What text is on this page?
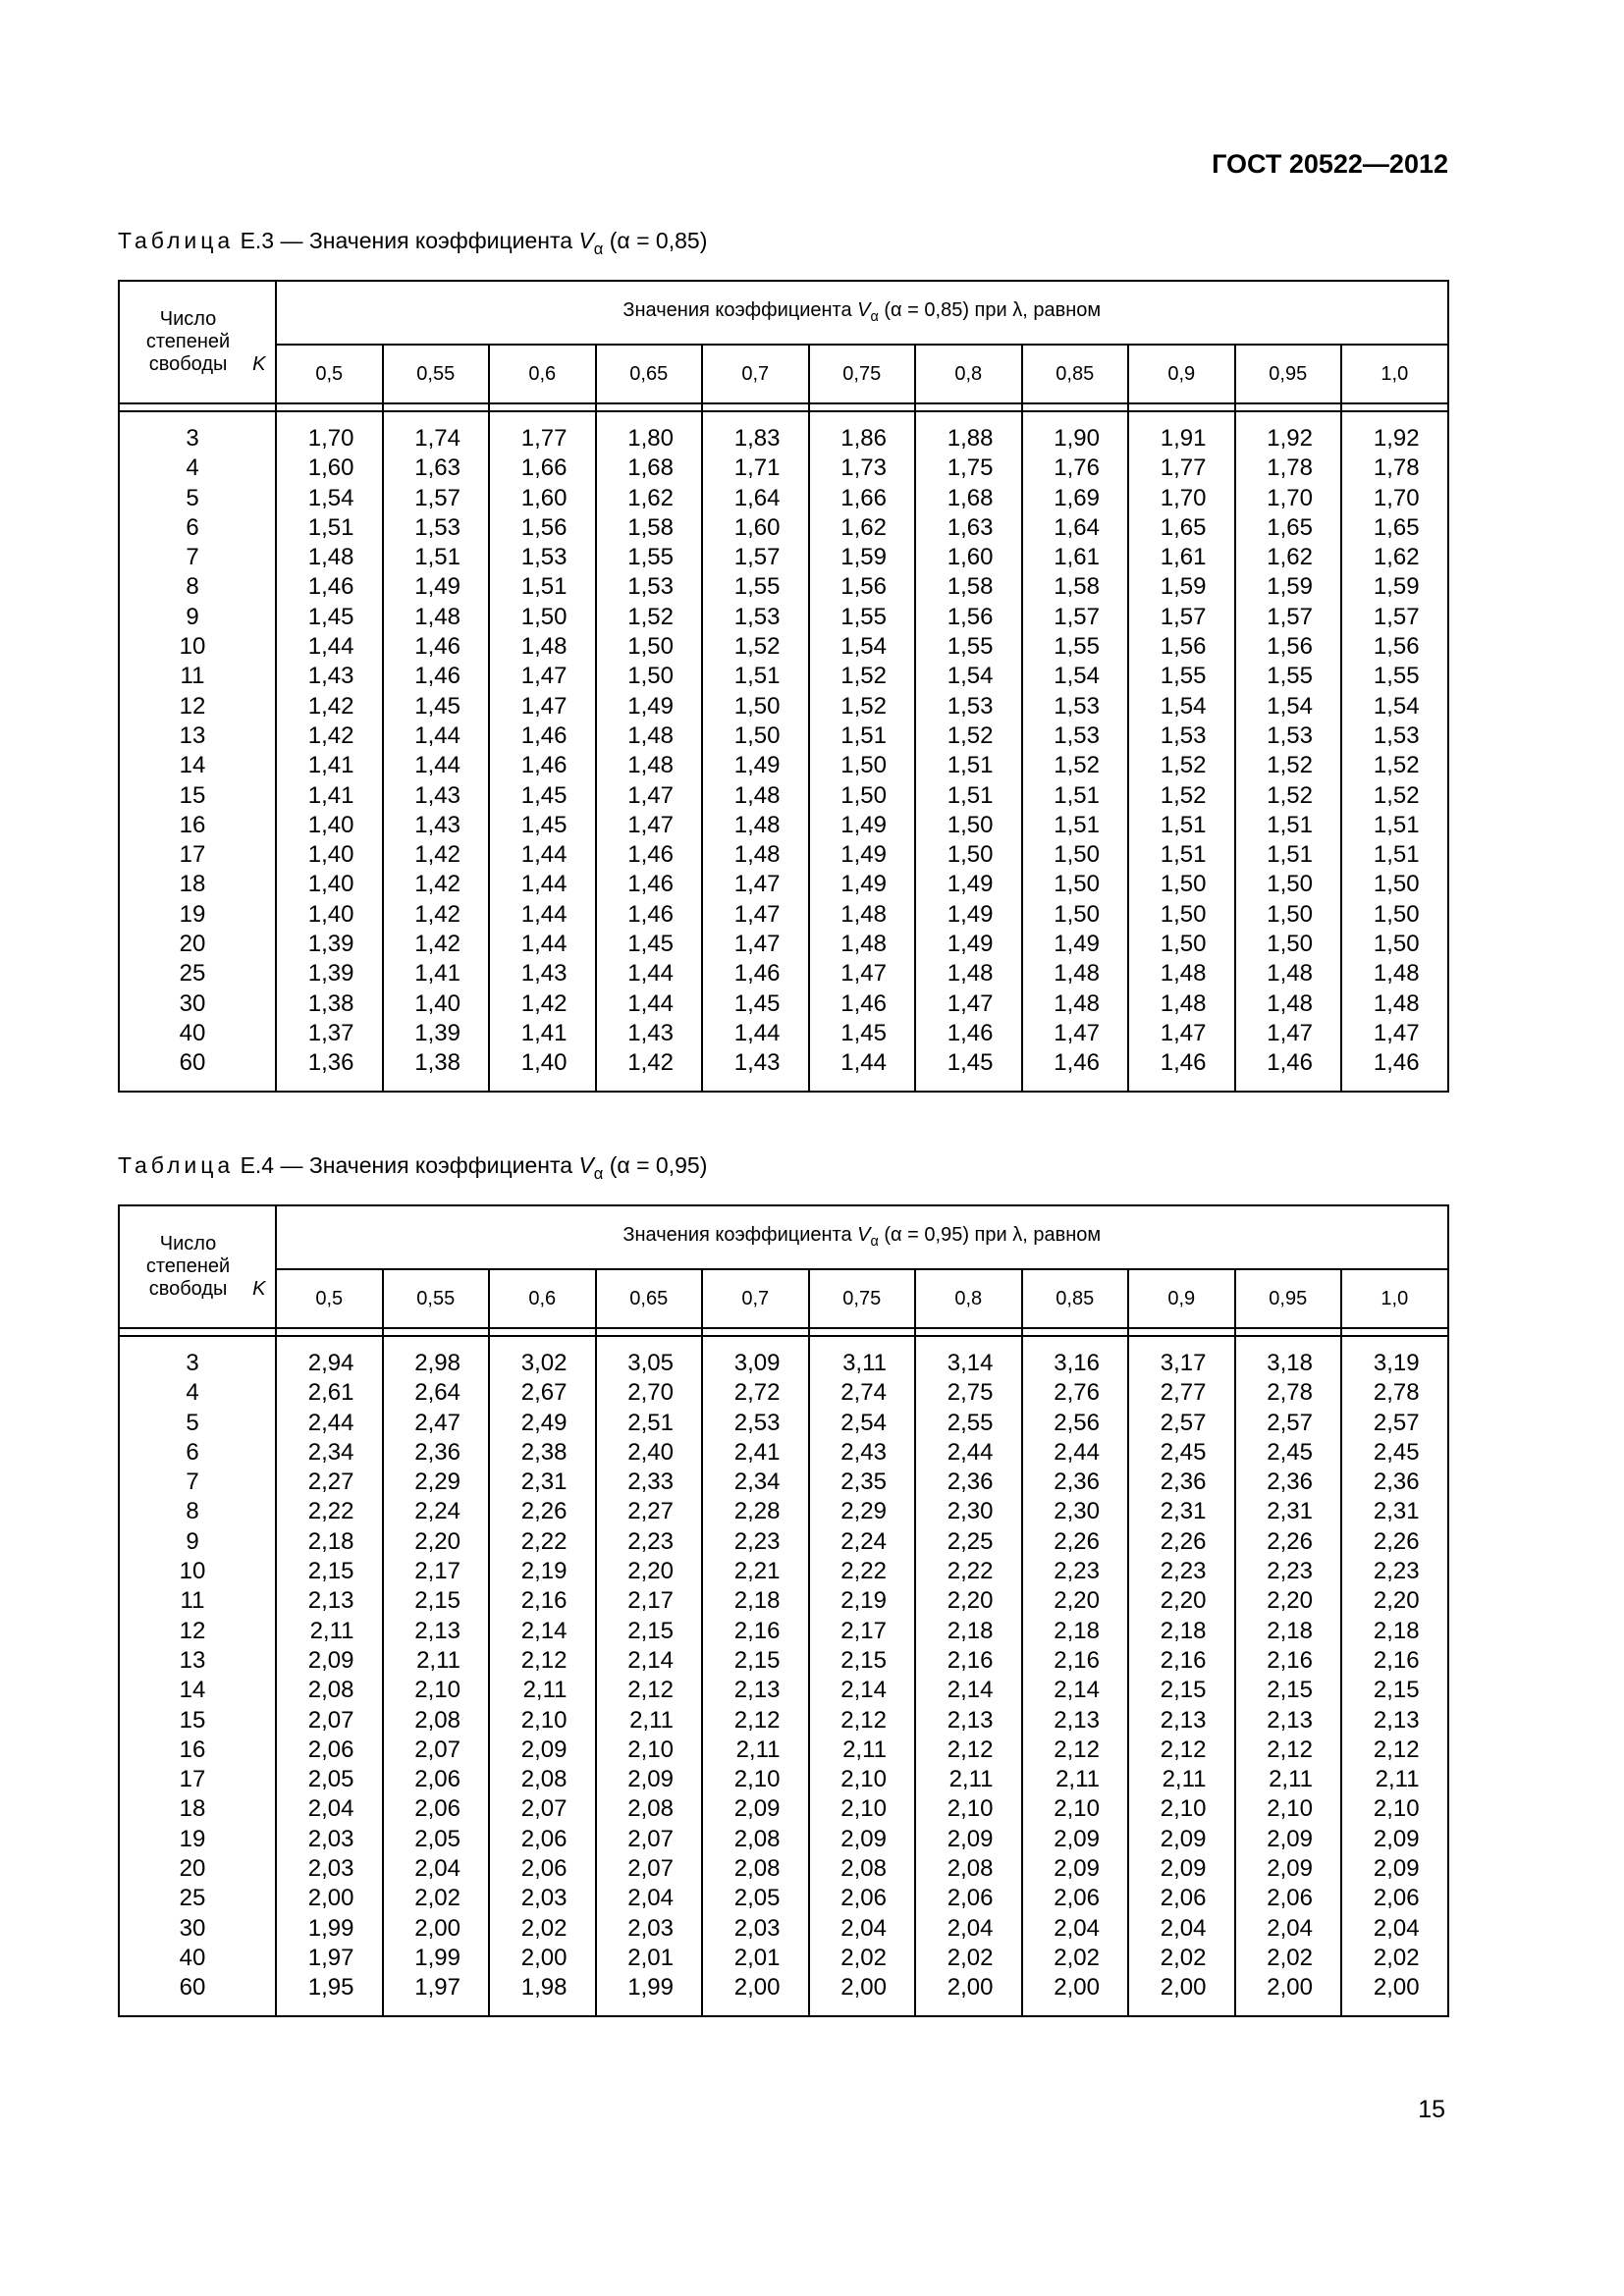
ГОСТ 20522—2012
Таблица Е.3 — Значения коэффициента $V_\alpha$ (α = 0,85)
Число степеней свободы K	Значения коэффициента $V_\alpha$ (α = 0,85) при λ, равном										
	0,5	0,55	0,6	0,65	0,7	0,75	0,8	0,85	0,9	0,95	1,0

3	1,70	1,74	1,77	1,80	1,83	1,86	1,88	1,90	1,91	1,92	1,92
4	1,60	1,63	1,66	1,68	1,71	1,73	1,75	1,76	1,77	1,78	1,78
5	1,54	1,57	1,60	1,62	1,64	1,66	1,68	1,69	1,70	1,70	1,70
6	1,51	1,53	1,56	1,58	1,60	1,62	1,63	1,64	1,65	1,65	1,65
7	1,48	1,51	1,53	1,55	1,57	1,59	1,60	1,61	1,61	1,62	1,62
8	1,46	1,49	1,51	1,53	1,55	1,56	1,58	1,58	1,59	1,59	1,59
9	1,45	1,48	1,50	1,52	1,53	1,55	1,56	1,57	1,57	1,57	1,57
10	1,44	1,46	1,48	1,50	1,52	1,54	1,55	1,55	1,56	1,56	1,56
11	1,43	1,46	1,47	1,50	1,51	1,52	1,54	1,54	1,55	1,55	1,55
12	1,42	1,45	1,47	1,49	1,50	1,52	1,53	1,53	1,54	1,54	1,54
13	1,42	1,44	1,46	1,48	1,50	1,51	1,52	1,53	1,53	1,53	1,53
14	1,41	1,44	1,46	1,48	1,49	1,50	1,51	1,52	1,52	1,52	1,52
15	1,41	1,43	1,45	1,47	1,48	1,50	1,51	1,51	1,52	1,52	1,52
16	1,40	1,43	1,45	1,47	1,48	1,49	1,50	1,51	1,51	1,51	1,51
17	1,40	1,42	1,44	1,46	1,48	1,49	1,50	1,50	1,51	1,51	1,51
18	1,40	1,42	1,44	1,46	1,47	1,49	1,49	1,50	1,50	1,50	1,50
19	1,40	1,42	1,44	1,46	1,47	1,48	1,49	1,50	1,50	1,50	1,50
20	1,39	1,42	1,44	1,45	1,47	1,48	1,49	1,49	1,50	1,50	1,50
25	1,39	1,41	1,43	1,44	1,46	1,47	1,48	1,48	1,48	1,48	1,48
30	1,38	1,40	1,42	1,44	1,45	1,46	1,47	1,48	1,48	1,48	1,48
40	1,37	1,39	1,41	1,43	1,44	1,45	1,46	1,47	1,47	1,47	1,47
60	1,36	1,38	1,40	1,42	1,43	1,44	1,45	1,46	1,46	1,46	1,46
Таблица Е.4 — Значения коэффициента $V_\alpha$ (α = 0,95)
Число степеней свободы K	Значения коэффициента $V_\alpha$ (α = 0,95) при λ, равном										
	0,5	0,55	0,6	0,65	0,7	0,75	0,8	0,85	0,9	0,95	1,0

3	2,94	2,98	3,02	3,05	3,09	3,11	3,14	3,16	3,17	3,18	3,19
4	2,61	2,64	2,67	2,70	2,72	2,74	2,75	2,76	2,77	2,78	2,78
5	2,44	2,47	2,49	2,51	2,53	2,54	2,55	2,56	2,57	2,57	2,57
6	2,34	2,36	2,38	2,40	2,41	2,43	2,44	2,44	2,45	2,45	2,45
7	2,27	2,29	2,31	2,33	2,34	2,35	2,36	2,36	2,36	2,36	2,36
8	2,22	2,24	2,26	2,27	2,28	2,29	2,30	2,30	2,31	2,31	2,31
9	2,18	2,20	2,22	2,23	2,23	2,24	2,25	2,26	2,26	2,26	2,26
10	2,15	2,17	2,19	2,20	2,21	2,22	2,22	2,23	2,23	2,23	2,23
11	2,13	2,15	2,16	2,17	2,18	2,19	2,20	2,20	2,20	2,20	2,20
12	2,11	2,13	2,14	2,15	2,16	2,17	2,18	2,18	2,18	2,18	2,18
13	2,09	2,11	2,12	2,14	2,15	2,15	2,16	2,16	2,16	2,16	2,16
14	2,08	2,10	2,11	2,12	2,13	2,14	2,14	2,14	2,15	2,15	2,15
15	2,07	2,08	2,10	2,11	2,12	2,12	2,13	2,13	2,13	2,13	2,13
16	2,06	2,07	2,09	2,10	2,11	2,11	2,12	2,12	2,12	2,12	2,12
17	2,05	2,06	2,08	2,09	2,10	2,10	2,11	2,11	2,11	2,11	2,11
18	2,04	2,06	2,07	2,08	2,09	2,10	2,10	2,10	2,10	2,10	2,10
19	2,03	2,05	2,06	2,07	2,08	2,09	2,09	2,09	2,09	2,09	2,09
20	2,03	2,04	2,06	2,07	2,08	2,08	2,08	2,09	2,09	2,09	2,09
25	2,00	2,02	2,03	2,04	2,05	2,06	2,06	2,06	2,06	2,06	2,06
30	1,99	2,00	2,02	2,03	2,03	2,04	2,04	2,04	2,04	2,04	2,04
40	1,97	1,99	2,00	2,01	2,01	2,02	2,02	2,02	2,02	2,02	2,02
60	1,95	1,97	1,98	1,99	2,00	2,00	2,00	2,00	2,00	2,00	2,00
15
